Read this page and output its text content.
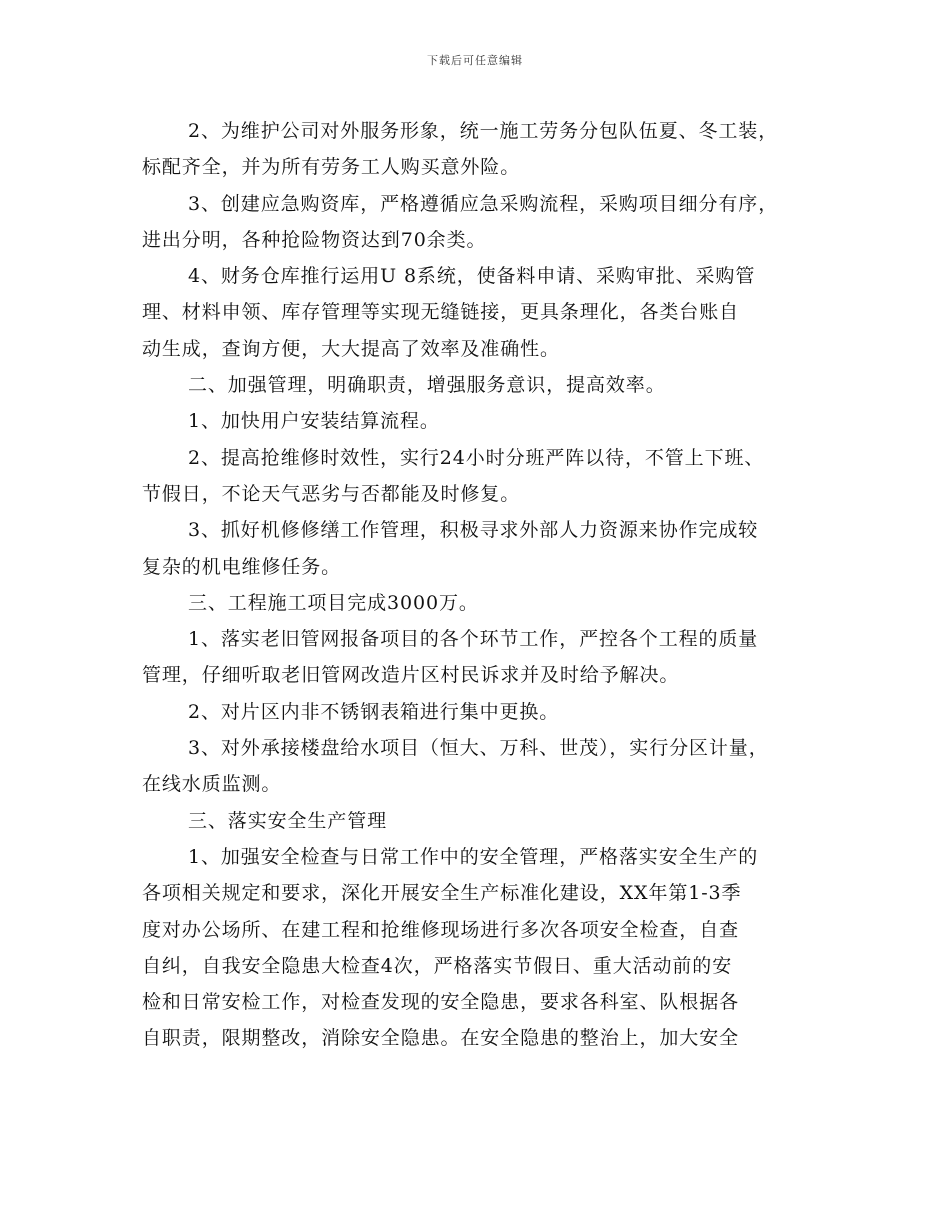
下载后可任意编辑
2、为维护公司对外服务形象，统一施工劳务分包队伍夏、冬工装，
标配齐全，并为所有劳务工人购买意外险。
3、创建应急购资库，严格遵循应急采购流程，采购项目细分有序，
进出分明，各种抢险物资达到70余类。
4、财务仓库推行运用U 8系统，使备料申请、采购审批、采购管
理、材料申领、库存管理等实现无缝链接，更具条理化，各类台账自
动生成，查询方便，大大提高了效率及准确性。
二、加强管理，明确职责，增强服务意识，提高效率。
1、加快用户安装结算流程。
2、提高抢维修时效性，实行24小时分班严阵以待，不管上下班、
节假日，不论天气恶劣与否都能及时修复。
3、抓好机修修缮工作管理，积极寻求外部人力资源来协作完成较
复杂的机电维修任务。
三、工程施工项目完成3000万。
1、落实老旧管网报备项目的各个环节工作，严控各个工程的质量
管理，仔细听取老旧管网改造片区村民诉求并及时给予解决。
2、对片区内非不锈钢表箱进行集中更换。
3、对外承接楼盘给水项目（恒大、万科、世茂），实行分区计量，
在线水质监测。
三、落实安全生产管理
1、加强安全检查与日常工作中的安全管理，严格落实安全生产的
各项相关规定和要求，深化开展安全生产标准化建设，XX年第1-3季
度对办公场所、在建工程和抢维修现场进行多次各项安全检查，自查
自纠，自我安全隐患大检查4次，严格落实节假日、重大活动前的安
检和日常安检工作，对检查发现的安全隐患，要求各科室、队根据各
自职责，限期整改，消除安全隐患。在安全隐患的整治上，加大安全
